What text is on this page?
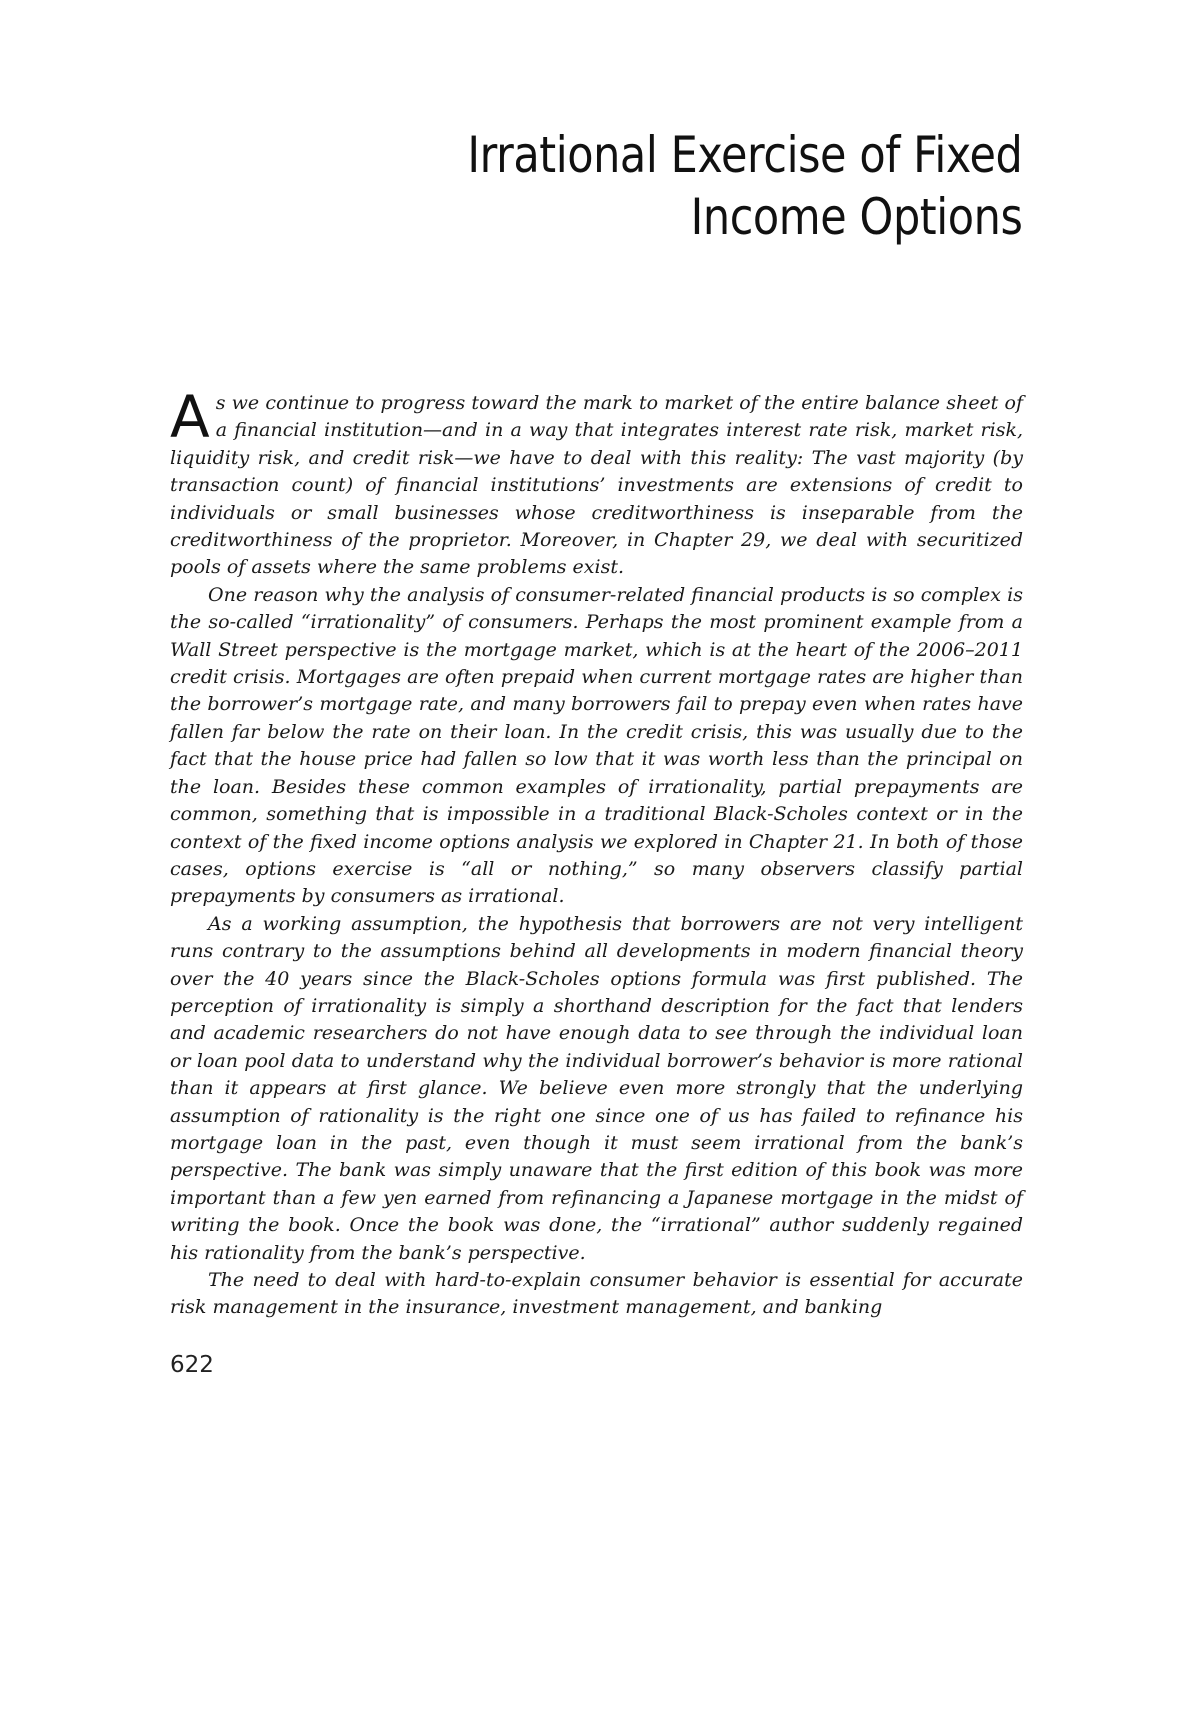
Irrational Exercise of Fixed
Income Options

As we continue to progress toward the mark to market of the entire balance sheet of a financial institution—and in a way that integrates interest rate risk, market risk, liquidity risk, and credit risk—we have to deal with this reality: The vast majority (by transaction count) of financial institutions’ investments are extensions of credit to individuals or small businesses whose creditworthiness is inseparable from the creditworthiness of the proprietor. Moreover, in Chapter 29, we deal with securitized pools of assets where the same problems exist.

One reason why the analysis of consumer-related financial products is so complex is the so-called “irrationality” of consumers. Perhaps the most prominent example from a Wall Street perspective is the mortgage market, which is at the heart of the 2006–2011 credit crisis. Mortgages are often prepaid when current mortgage rates are higher than the borrower’s mortgage rate, and many borrowers fail to prepay even when rates have fallen far below the rate on their loan. In the credit crisis, this was usually due to the fact that the house price had fallen so low that it was worth less than the principal on the loan. Besides these common examples of irrationality, partial prepayments are common, something that is impossible in a traditional Black-Scholes context or in the context of the fixed income options analysis we explored in Chapter 21. In both of those cases, options exercise is “all or nothing,” so many observers classify partial prepayments by consumers as irrational.

As a working assumption, the hypothesis that borrowers are not very intelligent runs contrary to the assumptions behind all developments in modern financial theory over the 40 years since the Black-Scholes options formula was first published. The perception of irrationality is simply a shorthand description for the fact that lenders and academic researchers do not have enough data to see through the individual loan or loan pool data to understand why the individual borrower’s behavior is more rational than it appears at first glance. We believe even more strongly that the underlying assumption of rationality is the right one since one of us has failed to refinance his mortgage loan in the past, even though it must seem irrational from the bank’s perspective. The bank was simply unaware that the first edition of this book was more important than a few yen earned from refinancing a Japanese mortgage in the midst of writing the book. Once the book was done, the “irrational” author suddenly regained his rationality from the bank’s perspective.

The need to deal with hard-to-explain consumer behavior is essential for accurate risk management in the insurance, investment management, and banking

622
